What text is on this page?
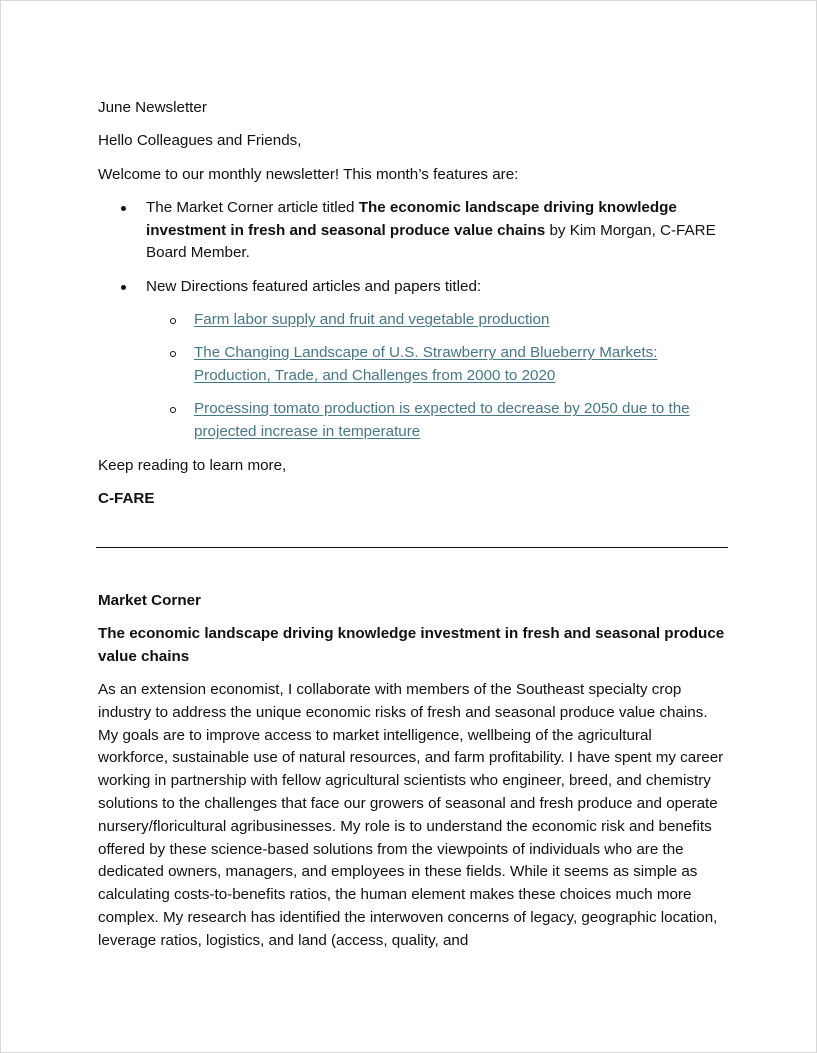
June Newsletter

Hello Colleagues and Friends,

Welcome to our monthly newsletter! This month’s features are:

The Market Corner article titled The economic landscape driving knowledge investment in fresh and seasonal produce value chains by Kim Morgan, C-FARE Board Member.
New Directions featured articles and papers titled:
Farm labor supply and fruit and vegetable production
The Changing Landscape of U.S. Strawberry and Blueberry Markets: Production, Trade, and Challenges from 2000 to 2020
Processing tomato production is expected to decrease by 2050 due to the projected increase in temperature

Keep reading to learn more,

C-FARE

Market Corner

The economic landscape driving knowledge investment in fresh and seasonal produce value chains

As an extension economist, I collaborate with members of the Southeast specialty crop industry to address the unique economic risks of fresh and seasonal produce value chains. My goals are to improve access to market intelligence, wellbeing of the agricultural workforce, sustainable use of natural resources, and farm profitability. I have spent my career working in partnership with fellow agricultural scientists who engineer, breed, and chemistry solutions to the challenges that face our growers of seasonal and fresh produce and operate nursery/floricultural agribusinesses. My role is to understand the economic risk and benefits offered by these science-based solutions from the viewpoints of individuals who are the dedicated owners, managers, and employees in these fields. While it seems as simple as calculating costs-to-benefits ratios, the human element makes these choices much more complex. My research has identified the interwoven concerns of legacy, geographic location, leverage ratios, logistics, and land (access, quality, and
